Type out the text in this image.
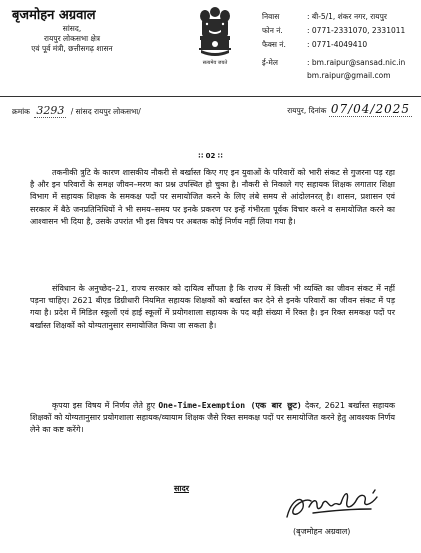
बृजमोहन अग्रवाल
सांसद,
रायपुर लोकसभा क्षेत्र
एवं पूर्व मंत्री, छत्तीसगढ़ शासन
सत्यमेव जयते
निवास	: बी-5/1, शंकर नगर, रायपुर
फोन नं.	: 0771-2331070, 2331011
फैक्स नं.	: 0771-4049410
ई-मेल	: bm.raipur@sansad.nic.in
bm.raipur@gmail.com
क्रमांक 3293 / सांसद रायपुर लोकसभा/	रायपुर, दिनांक 07/04/2025
∷ 02 ∷

तकनीकी त्रुटि के कारण शासकीय नौकरी से बर्खास्त किए गए इन युवाओं के परिवारों को भारी संकट से गुजरना पड़ रहा है और इन परिवारों के समक्ष जीवन–मरण का प्रश्न उपस्थित हो चुका है। नौकरी से निकाले गए सहायक शिक्षक लगातार शिक्षा विभाग में सहायक शिक्षक के समकक्ष पदों पर समायोजित करने के लिए लंबे समय से आंदोलनरत् है। शासन, प्रशासन एवं सरकार में बैठे जनप्रतिनिधियों ने भी समय–समय पर इनके प्रकरण पर इन्हें गंभीरता पूर्वक विचार करने व समायोजित करने का आश्वासन भी दिया है, उसके उपरांत भी इस विषय पर अबतक कोई निर्णय नहीं लिया गया है।

संविधान के अनुच्छेद–21, राज्य सरकार को दायित्व सौंपता है कि राज्य में किसी भी व्यक्ति का जीवन संकट में नहीं पड़ना चाहिए। 2621 बीएड डिग्रीधारी नियमित सहायक शिक्षकों को बर्खास्त कर देने से इनके परिवारों का जीवन संकट में पड़ गया है। प्रदेश में मिडिल स्कूलों एवं हाई स्कूलों में प्रयोगशाला सहायक के पद बड़ी संख्या में रिक्त है। इन रिक्त समकक्ष पदों पर बर्खास्त शिक्षकों को योग्यतानुसार समायोजित किया जा सकता है।

कृपया इस विषय में निर्णय लेते हुए One-Time-Exemption (एक बार छूट) देकर, 2621 बर्खास्त सहायक शिक्षकों को योग्यतानुसार प्रयोगशाला सहायक/व्यायाम शिक्षक जैसे रिक्त समकक्ष पदों पर समायोजित करने हेतु आवश्यक निर्णय लेने का कष्ट करेंगे।

सादर
(बृजमोहन अग्रवाल)
